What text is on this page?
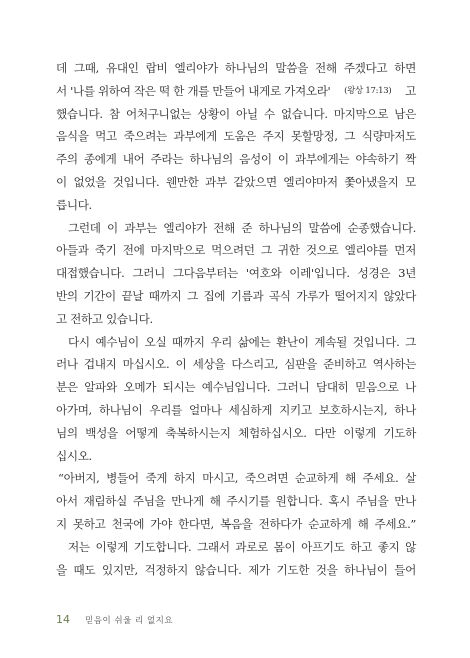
데 그때, 유대인 랍비 엘리야가 하나님의 말씀을 전해 주겠다고 하면
서 '나를 위하여 작은 떡 한 개를 만들어 내게로 가져오라' (왕상 17:13) 고
했습니다. 참 어처구니없는 상황이 아닐 수 없습니다. 마지막으로 남은
음식을 먹고 죽으려는 과부에게 도움은 주지 못할망정, 그 식량마저도
주의 종에게 내어 주라는 하나님의 음성이 이 과부에게는 야속하기 짝
이 없었을 것입니다. 웬만한 과부 같았으면 엘리야마저 쫓아냈을지 모
릅니다.
그런데 이 과부는 엘리야가 전해 준 하나님의 말씀에 순종했습니다.
아들과 죽기 전에 마지막으로 먹으려던 그 귀한 것으로 엘리야를 먼저
대접했습니다. 그러니 그다음부터는 '여호와 이레'입니다. 성경은 3년
반의 기간이 끝날 때까지 그 집에 기름과 곡식 가루가 떨어지지 않았다
고 전하고 있습니다.
다시 예수님이 오실 때까지 우리 삶에는 환난이 계속될 것입니다. 그
러나 겁내지 마십시오. 이 세상을 다스리고, 심판을 준비하고 역사하는
분은 알파와 오메가 되시는 예수님입니다. 그러니 담대히 믿음으로 나
아가며, 하나님이 우리를 얼마나 세심하게 지키고 보호하시는지, 하나
님의 백성을 어떻게 축복하시는지 체험하십시오. 다만 이렇게 기도하
십시오.
“아버지, 병들어 죽게 하지 마시고, 죽으려면 순교하게 해 주세요. 살
아서 재림하실 주님을 만나게 해 주시기를 원합니다. 혹시 주님을 만나
14 믿음이 쉬울 리 없지요
지 못하고 천국에 가야 한다면, 복음을 전하다가 순교하게 해 주세요.”
저는 이렇게 기도합니다. 그래서 과로로 몸이 아프기도 하고 좋지 않
을 때도 있지만, 걱정하지 않습니다. 제가 기도한 것을 하나님이 들어
